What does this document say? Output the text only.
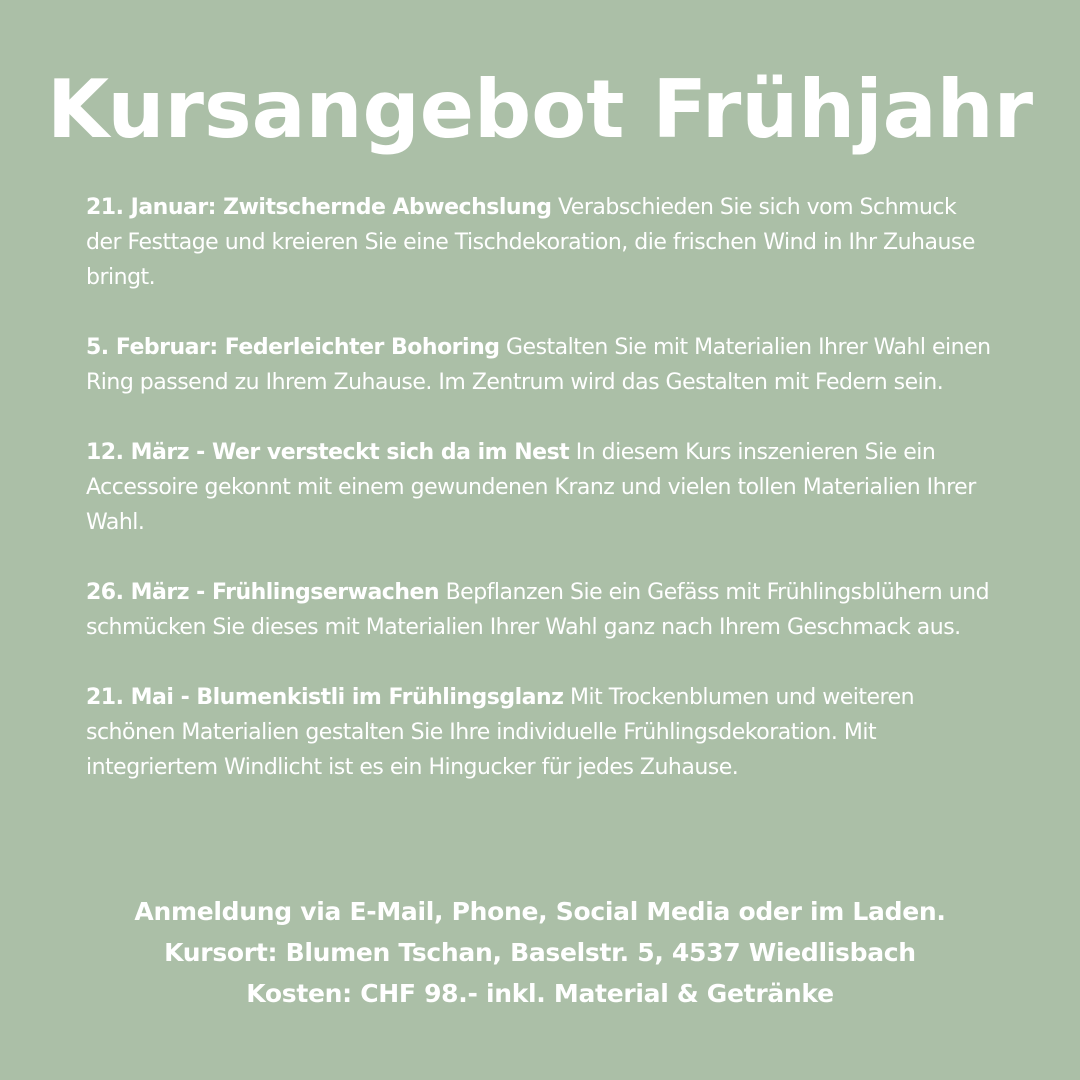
Kursangebot Frühjahr

21. Januar: Zwitschernde Abwechslung Verabschieden Sie sich vom Schmuck der Festtage und kreieren Sie eine Tischdekoration, die frischen Wind in Ihr Zuhause bringt.

5. Februar: Federleichter Bohoring Gestalten Sie mit Materialien Ihrer Wahl einen Ring passend zu Ihrem Zuhause. Im Zentrum wird das Gestalten mit Federn sein.

12. März - Wer versteckt sich da im Nest In diesem Kurs inszenieren Sie ein Accessoire gekonnt mit einem gewundenen Kranz und vielen tollen Materialien Ihrer Wahl.

26. März - Frühlingserwachen Bepflanzen Sie ein Gefäss mit Frühlingsblühern und schmücken Sie dieses mit Materialien Ihrer Wahl ganz nach Ihrem Geschmack aus.

21. Mai - Blumenkistli im Frühlingsglanz Mit Trockenblumen und weiteren schönen Materialien gestalten Sie Ihre individuelle Frühlingsdekoration. Mit integriertem Windlicht ist es ein Hingucker für jedes Zuhause.

Anmeldung via E-Mail, Phone, Social Media oder im Laden.
Kursort: Blumen Tschan, Baselstr. 5, 4537 Wiedlisbach
Kosten: CHF 98.- inkl. Material & Getränke
